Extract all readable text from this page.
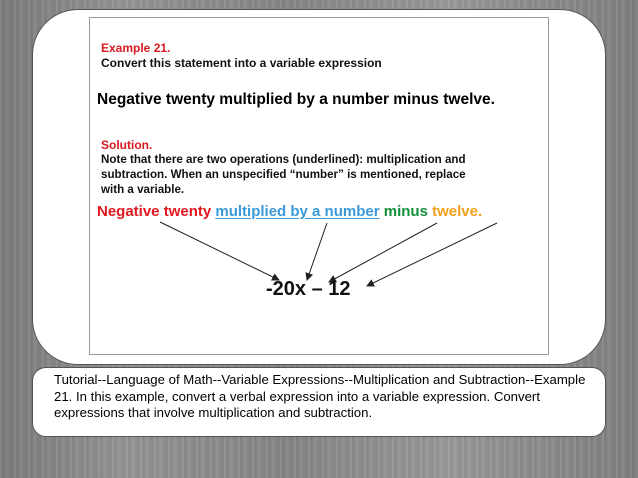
Example 21.
Convert this statement into a variable expression
Negative twenty multiplied by a number minus twelve.
Solution.
Note that there are two operations (underlined): multiplication and subtraction. When an unspecified “number” is mentioned, replace with a variable.
Negative twenty multiplied by a number minus twelve.
-20x – 12
Tutorial--Language of Math--Variable Expressions--Multiplication and Subtraction--Example 21. In this example, convert a verbal expression into a variable expression. Convert expressions that involve multiplication and subtraction.
